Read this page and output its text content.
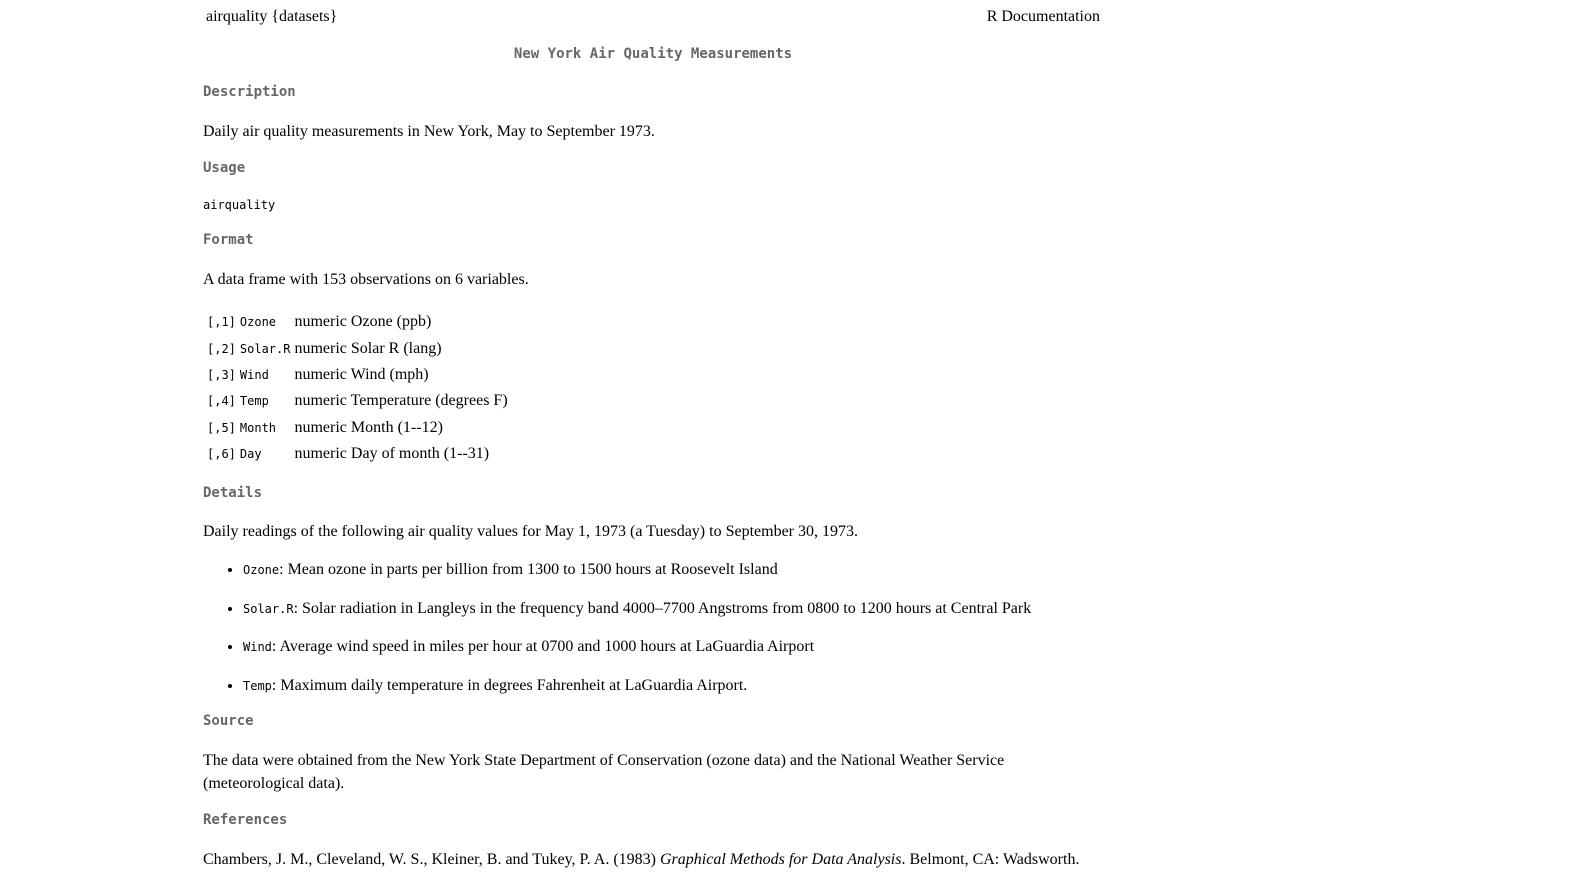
airquality {datasets}	R Documentation
New York Air Quality Measurements
Description

Daily air quality measurements in New York, May to September 1973.

Usage
airquality
Format

A data frame with 153 observations on 6 variables.

[,1]	Ozone	numeric Ozone (ppb)
[,2]	Solar.R	numeric Solar R (lang)
[,3]	Wind	numeric Wind (mph)
[,4]	Temp	numeric Temperature (degrees F)
[,5]	Month	numeric Month (1--12)
[,6]	Day	numeric Day of month (1--31)
Details

Daily readings of the following air quality values for May 1, 1973 (a Tuesday) to September 30, 1973.

• Ozone: Mean ozone in parts per billion from 1300 to 1500 hours at Roosevelt Island
• Solar.R: Solar radiation in Langleys in the frequency band 4000–7700 Angstroms from 0800 to 1200 hours at Central Park
• Wind: Average wind speed in miles per hour at 0700 and 1000 hours at LaGuardia Airport
• Temp: Maximum daily temperature in degrees Fahrenheit at LaGuardia Airport.
Source

The data were obtained from the New York State Department of Conservation (ozone data) and the National Weather Service (meteorological data).

References

Chambers, J. M., Cleveland, W. S., Kleiner, B. and Tukey, P. A. (1983) Graphical Methods for Data Analysis. Belmont, CA: Wadsworth.
